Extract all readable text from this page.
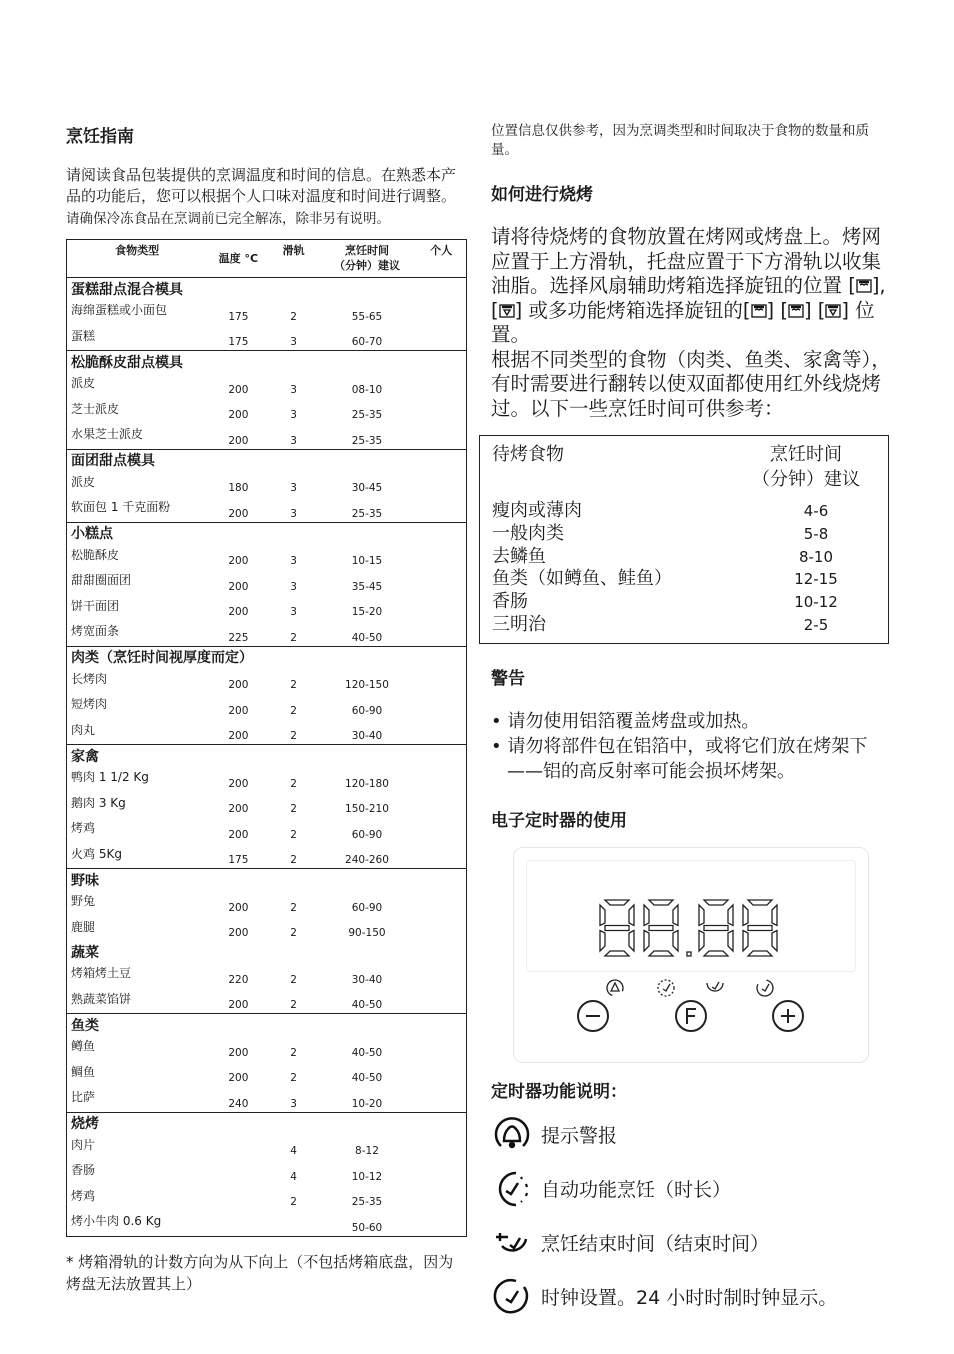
烹饪指南

请阅读食品包装提供的烹调温度和时间的信息。在熟悉本产品的功能后，您可以根据个人口味对温度和时间进行调整。

请确保冷冻食品在烹调前已完全解冻，除非另有说明。

食物类型	温度 °C	滑轨	烹饪时间
（分钟）建议	个人
蛋糕甜点混合模具				
海绵蛋糕或小面包	175	2	55-65	
蛋糕	175	3	60-70	
松脆酥皮甜点模具				
派皮	200	3	08-10	
芝士派皮	200	3	25-35	
水果芝士派皮	200	3	25-35	
面团甜点模具				
派皮	180	3	30-45	
软面包 1 千克面粉	200	3	25-35	
小糕点				
松脆酥皮	200	3	10-15	
甜甜圈面团	200	3	35-45	
饼干面团	200	3	15-20	
烤宽面条	225	2	40-50	
肉类（烹饪时间视厚度而定）				
长烤肉	200	2	120-150	
短烤肉	200	2	60-90	
肉丸	200	2	30-40	
家禽				
鸭肉 1 1/2 Kg	200	2	120-180	
鹅肉 3 Kg	200	2	150-210	
烤鸡	200	2	60-90	
火鸡 5Kg	175	2	240-260	
野味				
野兔	200	2	60-90	
鹿腿	200	2	90-150	
蔬菜				
烤箱烤土豆	220	2	30-40	
熟蔬菜馅饼	200	2	40-50	
鱼类				
鳟鱼	200	2	40-50	
鲷鱼	200	2	40-50	
比萨	240	3	10-20	
烧烤				
肉片		4	8-12	
香肠		4	10-12	
烤鸡		2	25-35	
烤小牛肉 0.6 Kg			50-60	

* 烤箱滑轨的计数方向为从下向上（不包括烤箱底盘，因为烤盘无法放置其上）

位置信息仅供参考，因为烹调类型和时间取决于食物的数量和质量。

如何进行烧烤
请将待烧烤的食物放置在烤网或烤盘上。烤网应置于上方滑轨，托盘应置于下方滑轨以收集油脂。选择风扇辅助烤箱选择旋钮的位置 [ ],[ ] 或多功能烤箱选择旋钮的[ ] [ ] [ ] 位置。

根据不同类型的食物（肉类、鱼类、家禽等），有时需要进行翻转以使双面都使用红外线烧烤过。以下一些烹饪时间可供参考：

待烤食物	烹饪时间
（分钟）建议
瘦肉或薄肉	4-6
一般肉类	5-8
去鳞鱼	8-10
鱼类（如鳟鱼、鲑鱼）	12-15
香肠	10-12
三明治	2-5
警告
• 请勿使用铝箔覆盖烤盘或加热。
• 请勿将部件包在铝箔中，或将它们放在烤架下——铝的高反射率可能会损坏烤架。
电子定时器的使用
定时器功能说明：
提示警报
自动功能烹饪（时长）
烹饪结束时间（结束时间）
时钟设置。24 小时时制时钟显示。
